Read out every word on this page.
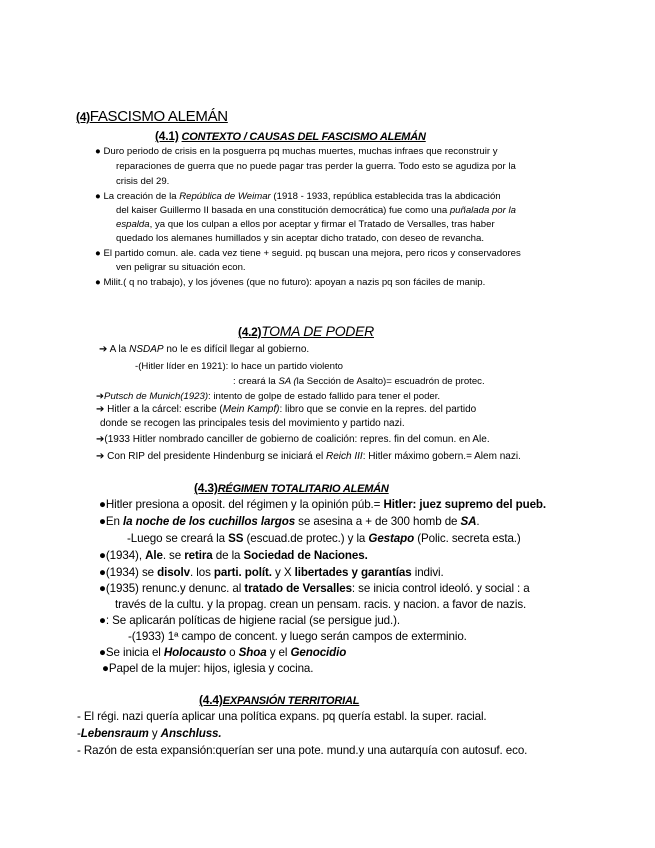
(4)FASCISMO ALEMÁN
(4.1) CONTEXTO / CAUSAS DEL FASCISMO ALEMÁN
● Duro periodo de crisis en la posguerra pq muchas muertes, muchas infraes que reconstruir y
reparaciones de guerra que no puede pagar tras perder la guerra. Todo esto se agudiza por la
crisis del 29.
● La creación de la República de Weimar (1918 - 1933, república establecida tras la abdicación
del kaiser Guillermo II basada en una constitución democrática) fue como una puñalada por la
espalda, ya que los culpan a ellos por aceptar y firmar el Tratado de Versalles, tras haber
quedado los alemanes humillados y sin aceptar dicho tratado, con deseo de revancha.
● El partido comun. ale. cada vez tiene + seguid. pq buscan una mejora, pero ricos y conservadores
ven peligrar su situación econ.
● Milit.( q no trabajo), y los jóvenes (que no futuro): apoyan a nazis pq son fáciles de manip.
(4.2)TOMA DE PODER
➔ A la NSDAP no le es difícil llegar al gobierno.
-(Hitler líder en 1921): lo hace un partido violento
: creará la SA (la Sección de Asalto)= escuadrón de protec.
➔Putsch de Munich(1923): intento de golpe de estado fallido para tener el poder.
➔ Hitler a la cárcel: escribe (Mein Kampf): libro que se convie en la repres. del partido
donde se recogen las principales tesis del movimiento y partido nazi.
➔(1933 Hitler nombrado canciller de gobierno de coalición: repres. fin del comun. en Ale.
➔ Con RIP del presidente Hindenburg se iniciará el Reich III: Hitler máximo gobern.= Alem nazi.
(4.3)RÉGIMEN TOTALITARIO ALEMÁN
●Hitler presiona a oposit. del régimen y la opinión púb.= Hitler: juez supremo del pueb.
●En la noche de los cuchillos largos se asesina a + de 300 homb de SA.
-Luego se creará la SS (escuad.de protec.) y la Gestapo (Polic. secreta esta.)
●(1934), Ale. se retira de la Sociedad de Naciones.
●(1934) se disolv. los parti. polít. y X libertades y garantías indivi.
●(1935) renunc.y denunc. al tratado de Versalles: se inicia control ideoló. y social : a
través de la cultu. y la propag. crean un pensam. racis. y nacion. a favor de nazis.
●: Se aplicarán políticas de higiene racial (se persigue jud.).
-(1933) 1ª campo de concent. y luego serán campos de exterminio.
●Se inicia el Holocausto o Shoa y el Genocidio
●Papel de la mujer: hijos, iglesia y cocina.
(4.4)EXPANSIÓN TERRITORIAL
- El régi. nazi quería aplicar una política expans. pq quería establ. la super. racial.
-Lebensraum y Anschluss.
- Razón de esta expansión:querían ser una pote. mund.y una autarquía con autosuf. eco.
